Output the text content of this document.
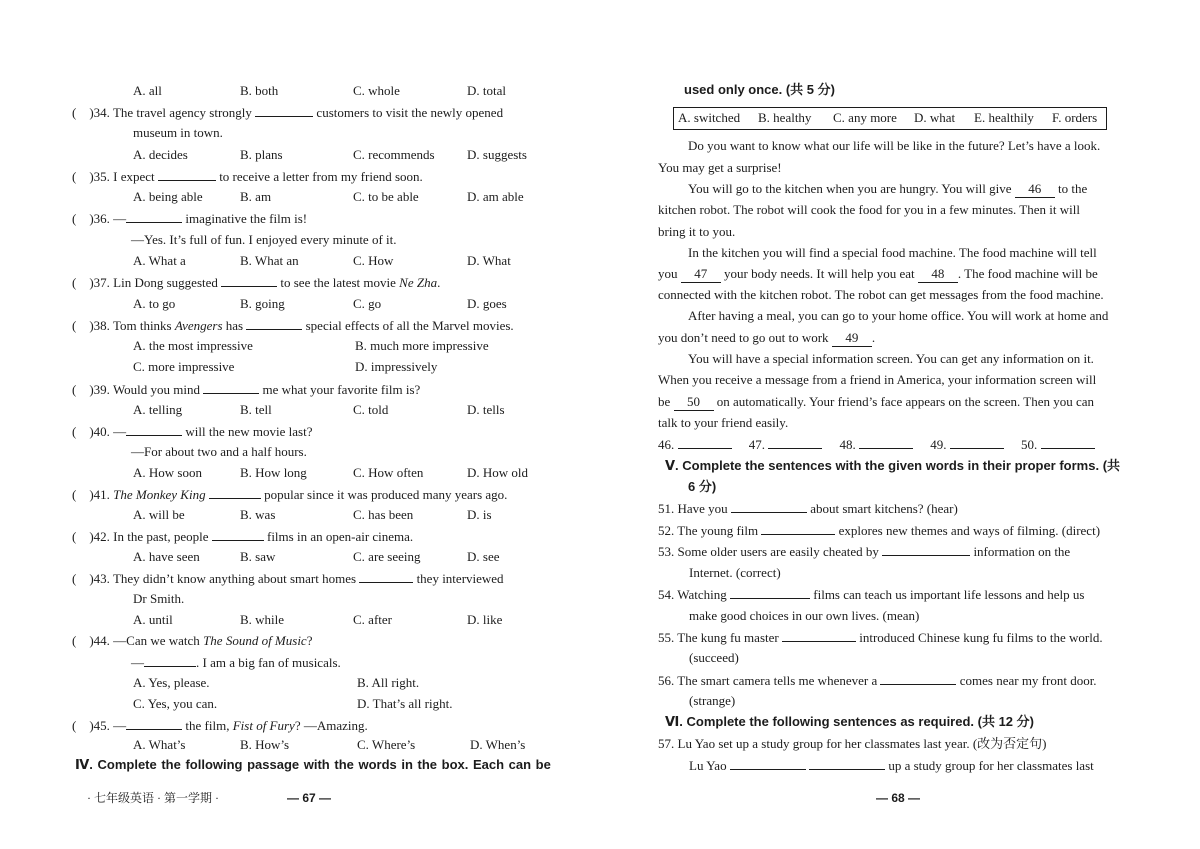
A. all	B. both	C. whole	D. total
( )34. The travel agency strongly	customers to visit the newly opened
museum in town.
A. decides	B. plans	C. recommends D. suggests
( )35. I expect	to receive a letter from my friend soon.
A. being able	B. am	C. to be able	D. am able
( )36. —	imaginative the film is!
—Yes. It’s full of fun. I enjoyed every minute of it.
A. What a	B. What an	C. How	D. What
( )37. Lin Dong suggested	to see the latest movie Ne Zha.
A. to go	B. going	C. go	D. goes
( )38. Tom thinks Avengers has	special effects of all the Marvel movies.
A. the most impressive	B. much more impressive
C. more impressive	D. impressively
( )39. Would you mind	me what your favorite film is?
A. telling	B. tell	C. told	D. tells
( )40. —	will the new movie last?
—For about two and a half hours.
A. How soon	B. How long	C. How often	D. How old
( )41. The Monkey King	popular since it was produced many years ago.
A. will be	B. was	C. has been	D. is
( )42. In the past, people	films in an open-air cinema.
A. have seen	B. saw	C. are seeing	D. see
( )43. They didn’t know anything about smart homes	they interviewed
Dr Smith.
A. until	B. while	C. after	D. like
( )44. —Can we watch The Sound of Music?
—	. I am a big fan of musicals.
A. Yes, please.	B. All right.
C. Yes, you can.	D. That’s all right.
( )45. —	the film, Fist of Fury? —Amazing.
A. What’s	B. How’s	C. Where’s	D. When’s
Ⅳ. Complete the following passage with the words in the box. Each can be
· 七年级英语 · 第一学期 ·	— 67 —
used only once. (共 5 分)
A. switched B. healthy C. any more D. what E. healthily F. orders
Do you want to know what our life will be like in the future? Let’s have a look.
You may get a surprise!
You will go to the kitchen when you are hungry. You will give 46 to the
kitchen robot. The robot will cook the food for you in a few minutes. Then it will
bring it to you.
In the kitchen you will find a special food machine. The food machine will tell
you 47 your body needs. It will help you eat 48 . The food machine will be
connected with the kitchen robot. The robot can get messages from the food machine.
After having a meal, you can go to your home office. You will work at home and
you don’t need to go out to work 49 .
You will have a special information screen. You can get any information on it.
When you receive a message from a friend in America, your information screen will
be 50 on automatically. Your friend’s face appears on the screen. Then you can
talk to your friend easily.
46.	47.	48.	49.	50.
Ⅴ. Complete the sentences with the given words in their proper forms. (共
6 分)
51. Have you	about smart kitchens? (hear)
52. The young film	explores new themes and ways of filming. (direct)
53. Some older users are easily cheated by	information on the
Internet. (correct)
54. Watching	films can teach us important life lessons and help us
make good choices in our own lives. (mean)
55. The kung fu master	introduced Chinese kung fu films to the world.
(succeed)
56. The smart camera tells me whenever a	comes near my front door.
(strange)
Ⅵ. Complete the following sentences as required. (共 12 分)
57. Lu Yao set up a study group for her classmates last year. (改为否定句)
Lu Yao	up a study group for her classmates last
— 68 —
